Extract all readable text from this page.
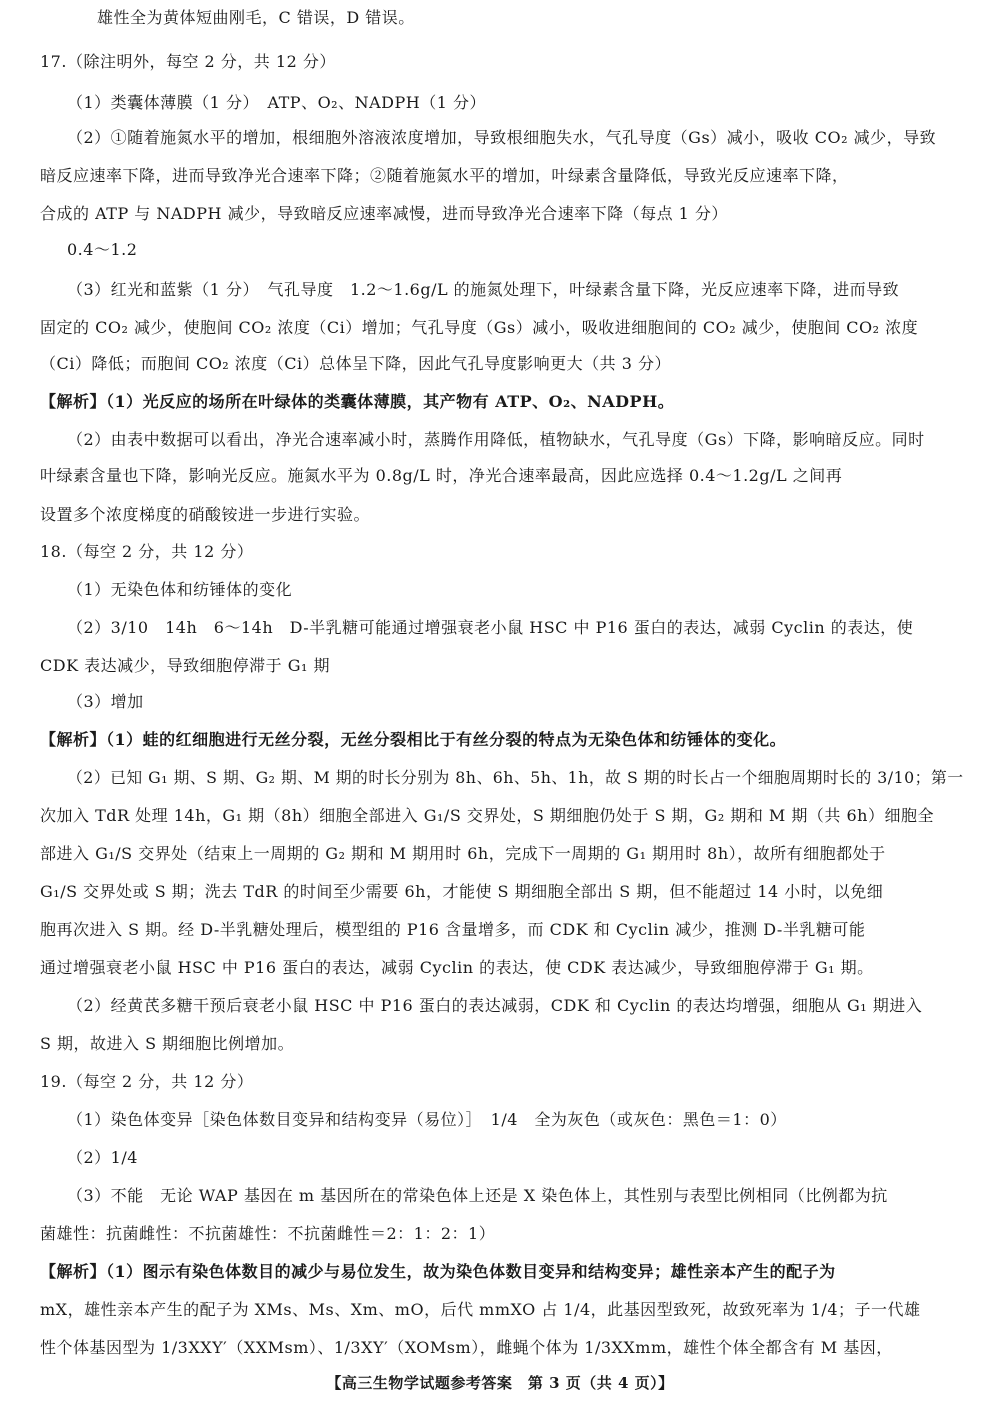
雄性全为黄体短曲刚毛，C 错误，D 错误。
17.（除注明外，每空 2 分，共 12 分）
（1）类囊体薄膜（1 分）　ATP、O₂、NADPH（1 分）
（2）①随着施氮水平的增加，根细胞外溶液浓度增加，导致根细胞失水，气孔导度（Gs）减小，吸收 CO₂ 减少，导致
暗反应速率下降，进而导致净光合速率下降；②随着施氮水平的增加，叶绿素含量降低，导致光反应速率下降，
合成的 ATP 与 NADPH 减少，导致暗反应速率减慢，进而导致净光合速率下降（每点 1 分）
0.4～1.2
（3）红光和蓝紫（1 分）　气孔导度　1.2～1.6g/L 的施氮处理下，叶绿素含量下降，光反应速率下降，进而导致
固定的 CO₂ 减少，使胞间 CO₂ 浓度（Ci）增加；气孔导度（Gs）减小，吸收进细胞间的 CO₂ 减少，使胞间 CO₂ 浓度
（Ci）降低；而胞间 CO₂ 浓度（Ci）总体呈下降，因此气孔导度影响更大（共 3 分）
【解析】（1）光反应的场所在叶绿体的类囊体薄膜，其产物有 ATP、O₂、NADPH。
（2）由表中数据可以看出，净光合速率减小时，蒸腾作用降低，植物缺水，气孔导度（Gs）下降，影响暗反应。同时
叶绿素含量也下降，影响光反应。施氮水平为 0.8g/L 时，净光合速率最高，因此应选择 0.4～1.2g/L 之间再
设置多个浓度梯度的硝酸铵进一步进行实验。
18.（每空 2 分，共 12 分）
（1）无染色体和纺锤体的变化
（2）3/10　14h　6～14h　D-半乳糖可能通过增强衰老小鼠 HSC 中 P16 蛋白的表达，减弱 Cyclin 的表达，使
CDK 表达减少，导致细胞停滞于 G₁ 期
（3）增加
【解析】（1）蛙的红细胞进行无丝分裂，无丝分裂相比于有丝分裂的特点为无染色体和纺锤体的变化。
（2）已知 G₁ 期、S 期、G₂ 期、M 期的时长分别为 8h、6h、5h、1h，故 S 期的时长占一个细胞周期时长的 3/10；第一
次加入 TdR 处理 14h，G₁ 期（8h）细胞全部进入 G₁/S 交界处，S 期细胞仍处于 S 期，G₂ 期和 M 期（共 6h）细胞全
部进入 G₁/S 交界处（结束上一周期的 G₂ 期和 M 期用时 6h，完成下一周期的 G₁ 期用时 8h），故所有细胞都处于
G₁/S 交界处或 S 期；洗去 TdR 的时间至少需要 6h，才能使 S 期细胞全部出 S 期，但不能超过 14 小时，以免细
胞再次进入 S 期。经 D-半乳糖处理后，模型组的 P16 含量增多，而 CDK 和 Cyclin 减少，推测 D-半乳糖可能
通过增强衰老小鼠 HSC 中 P16 蛋白的表达，减弱 Cyclin 的表达，使 CDK 表达减少，导致细胞停滞于 G₁ 期。
（2）经黄芪多糖干预后衰老小鼠 HSC 中 P16 蛋白的表达减弱，CDK 和 Cyclin 的表达均增强，细胞从 G₁ 期进入
S 期，故进入 S 期细胞比例增加。
19.（每空 2 分，共 12 分）
（1）染色体变异［染色体数目变异和结构变异（易位）］　1/4　全为灰色（或灰色：黑色＝1：0）
（2）1/4
（3）不能　无论 WAP 基因在 m 基因所在的常染色体上还是 X 染色体上，其性别与表型比例相同（比例都为抗
菌雄性：抗菌雌性：不抗菌雄性：不抗菌雌性＝2：1：2：1）
【解析】（1）图示有染色体数目的减少与易位发生，故为染色体数目变异和结构变异；雄性亲本产生的配子为
mX，雄性亲本产生的配子为 XMs、Ms、Xm、mO，后代 mmXO 占 1/4，此基因型致死，故致死率为 1/4；子一代雄
性个体基因型为 1/3XXY′（XXMsm）、1/3XY′（XOMsm），雌蝇个体为 1/3XXmm，雄性个体全都含有 M 基因，
【高三生物学试题参考答案　第 3 页（共 4 页）】
